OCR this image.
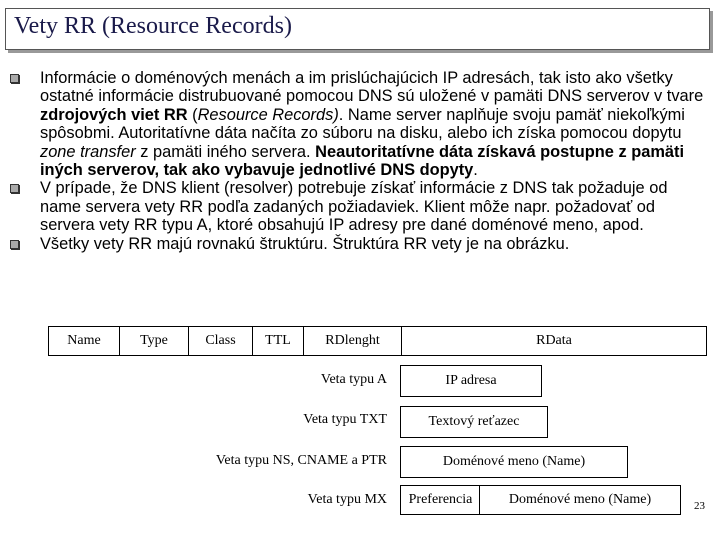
Vety RR (Resource Records)
Informácie o doménových menách a im prislúchajúcich IP adresách, tak isto ako všetky ostatné informácie distrubuované pomocou DNS sú uložené v pamäti DNS serverov v tvare zdrojových viet RR (Resource Records). Name server naplňuje svoju pamäť niekoľkými spôsobmi. Autoritatívne dáta načíta zo súboru na disku, alebo ich získa pomocou dopytu zone transfer z pamäti iného servera. Neautoritatívne dáta získavá postupne z pamäti iných serverov, tak ako vybavuje jednotlivé DNS dopyty.
V prípade, že DNS klient (resolver) potrebuje získať informácie z DNS tak požaduje od name servera vety RR podľa zadaných požiadaviek. Klient môže napr. požadovať od servera vety RR typu A, ktoré obsahujú IP adresy pre dané doménové meno, apod.
Všetky vety RR majú rovnakú štruktúru. Štruktúra RR vety je na obrázku.
Name	Type	Class	TTL	RDlenght	RData
Veta typu A	IP adresa
Veta typu TXT	Textový reťazec
Veta typu NS, CNAME a PTR	Doménové meno (Name)
Veta typu MX	Preferencia	Doménové meno (Name)	23
